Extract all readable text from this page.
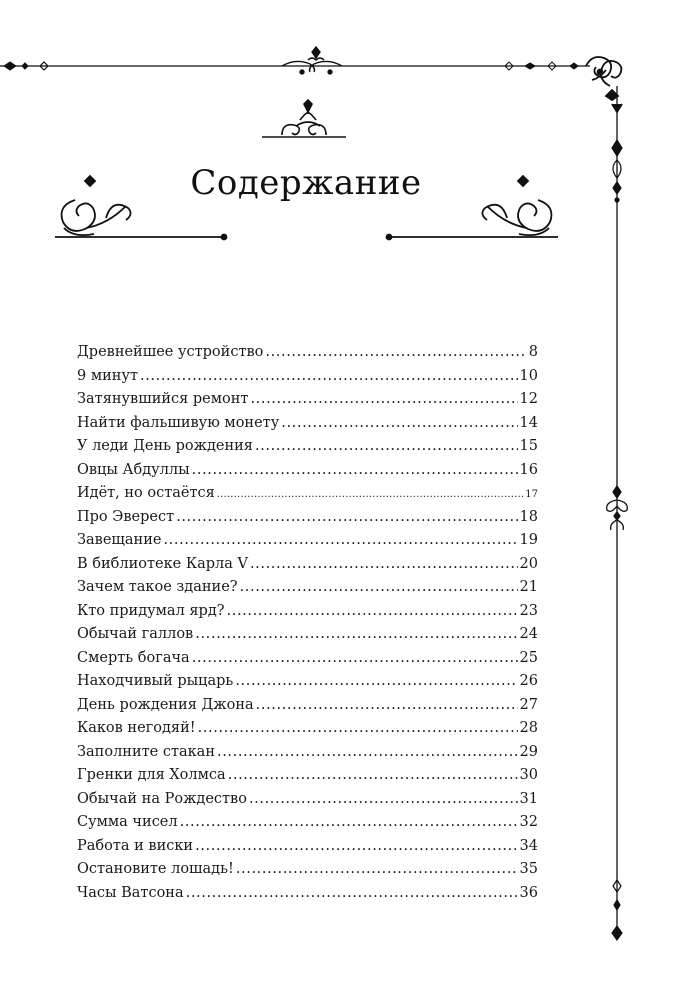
Содержание
Древнейшее устройство .....	8
9 минут .....	10
Затянувшийся ремонт .....	12
Найти фальшивую монету .....	14
У леди День рождения .....	15
Овцы Абдуллы .....	16
Идёт, но остаётся .....	17
Про Эверест .....	18
Завещание .....	19
В библиотеке Карла V .....	20
Зачем такое здание? .....	21
Кто придумал ярд? .....	23
Обычай галлов .....	24
Смерть богача .....	25
Находчивый рыцарь .....	26
День рождения Джона .....	27
Каков негодяй! .....	28
Заполните стакан .....	29
Гренки для Холмса .....	30
Обычай на Рождество .....	31
Сумма чисел .....	32
Работа и виски .....	34
Остановите лошадь! .....	35
Часы Ватсона .....	36
